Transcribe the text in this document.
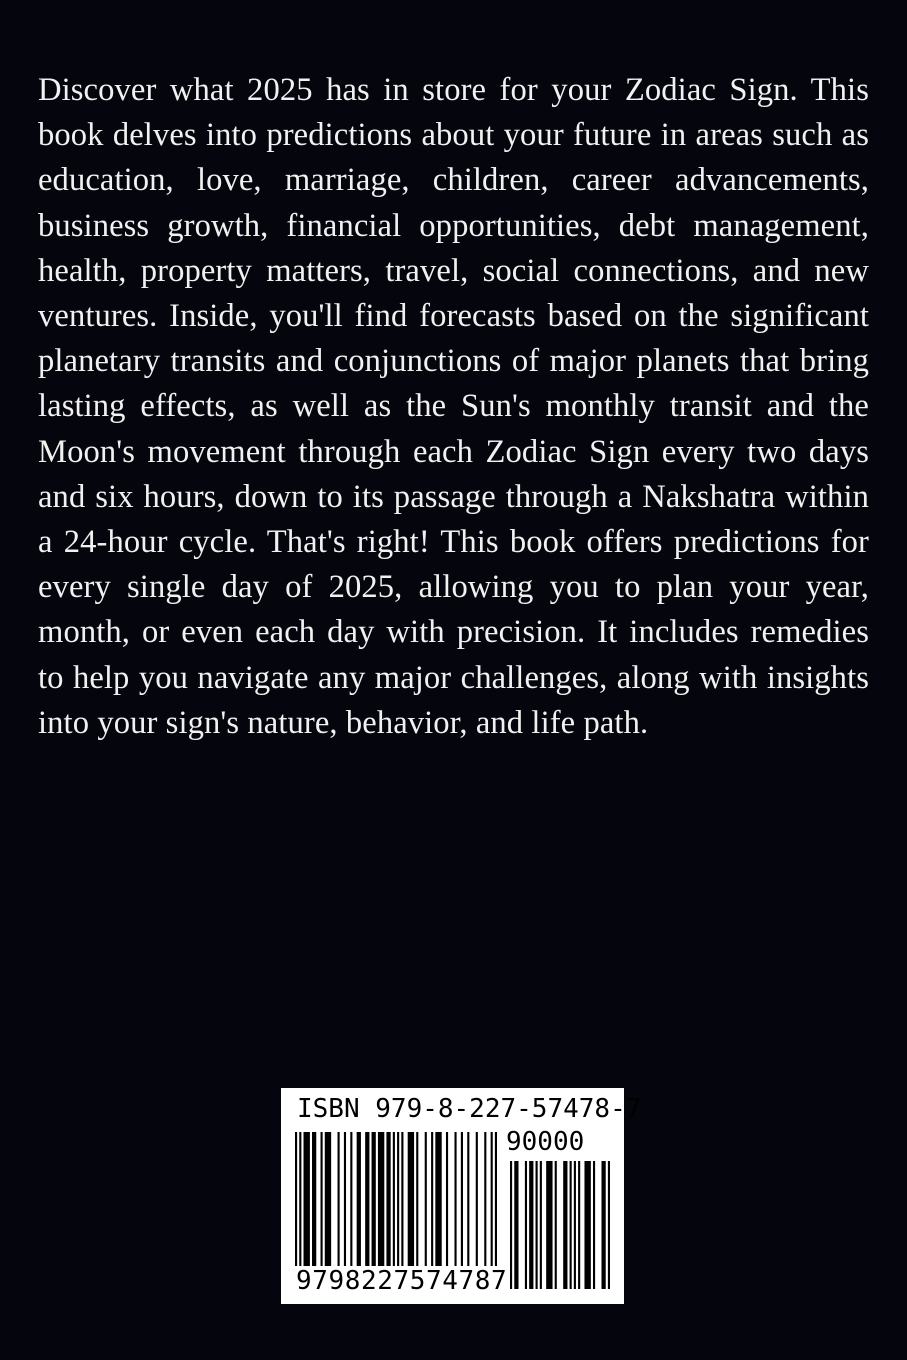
Discover what 2025 has in store for your Zodiac Sign. This book delves into predictions about your future in areas such as education, love, marriage, children, career advancements, business growth, financial opportunities, debt management, health, property matters, travel, social connections, and new ventures. Inside, you'll find forecasts based on the significant planetary transits and conjunctions of major planets that bring lasting effects, as well as the Sun's monthly transit and the Moon's movement through each Zodiac Sign every two days and six hours, down to its passage through a Nakshatra within a 24-hour cycle. That's right! This book offers predictions for every single day of 2025, allowing you to plan your year, month, or even each day with precision. It includes remedies to help you navigate any major challenges, along with insights into your sign's nature, behavior, and life path.

ISBN 979-8-227-57478-7

90000

9798227574787
